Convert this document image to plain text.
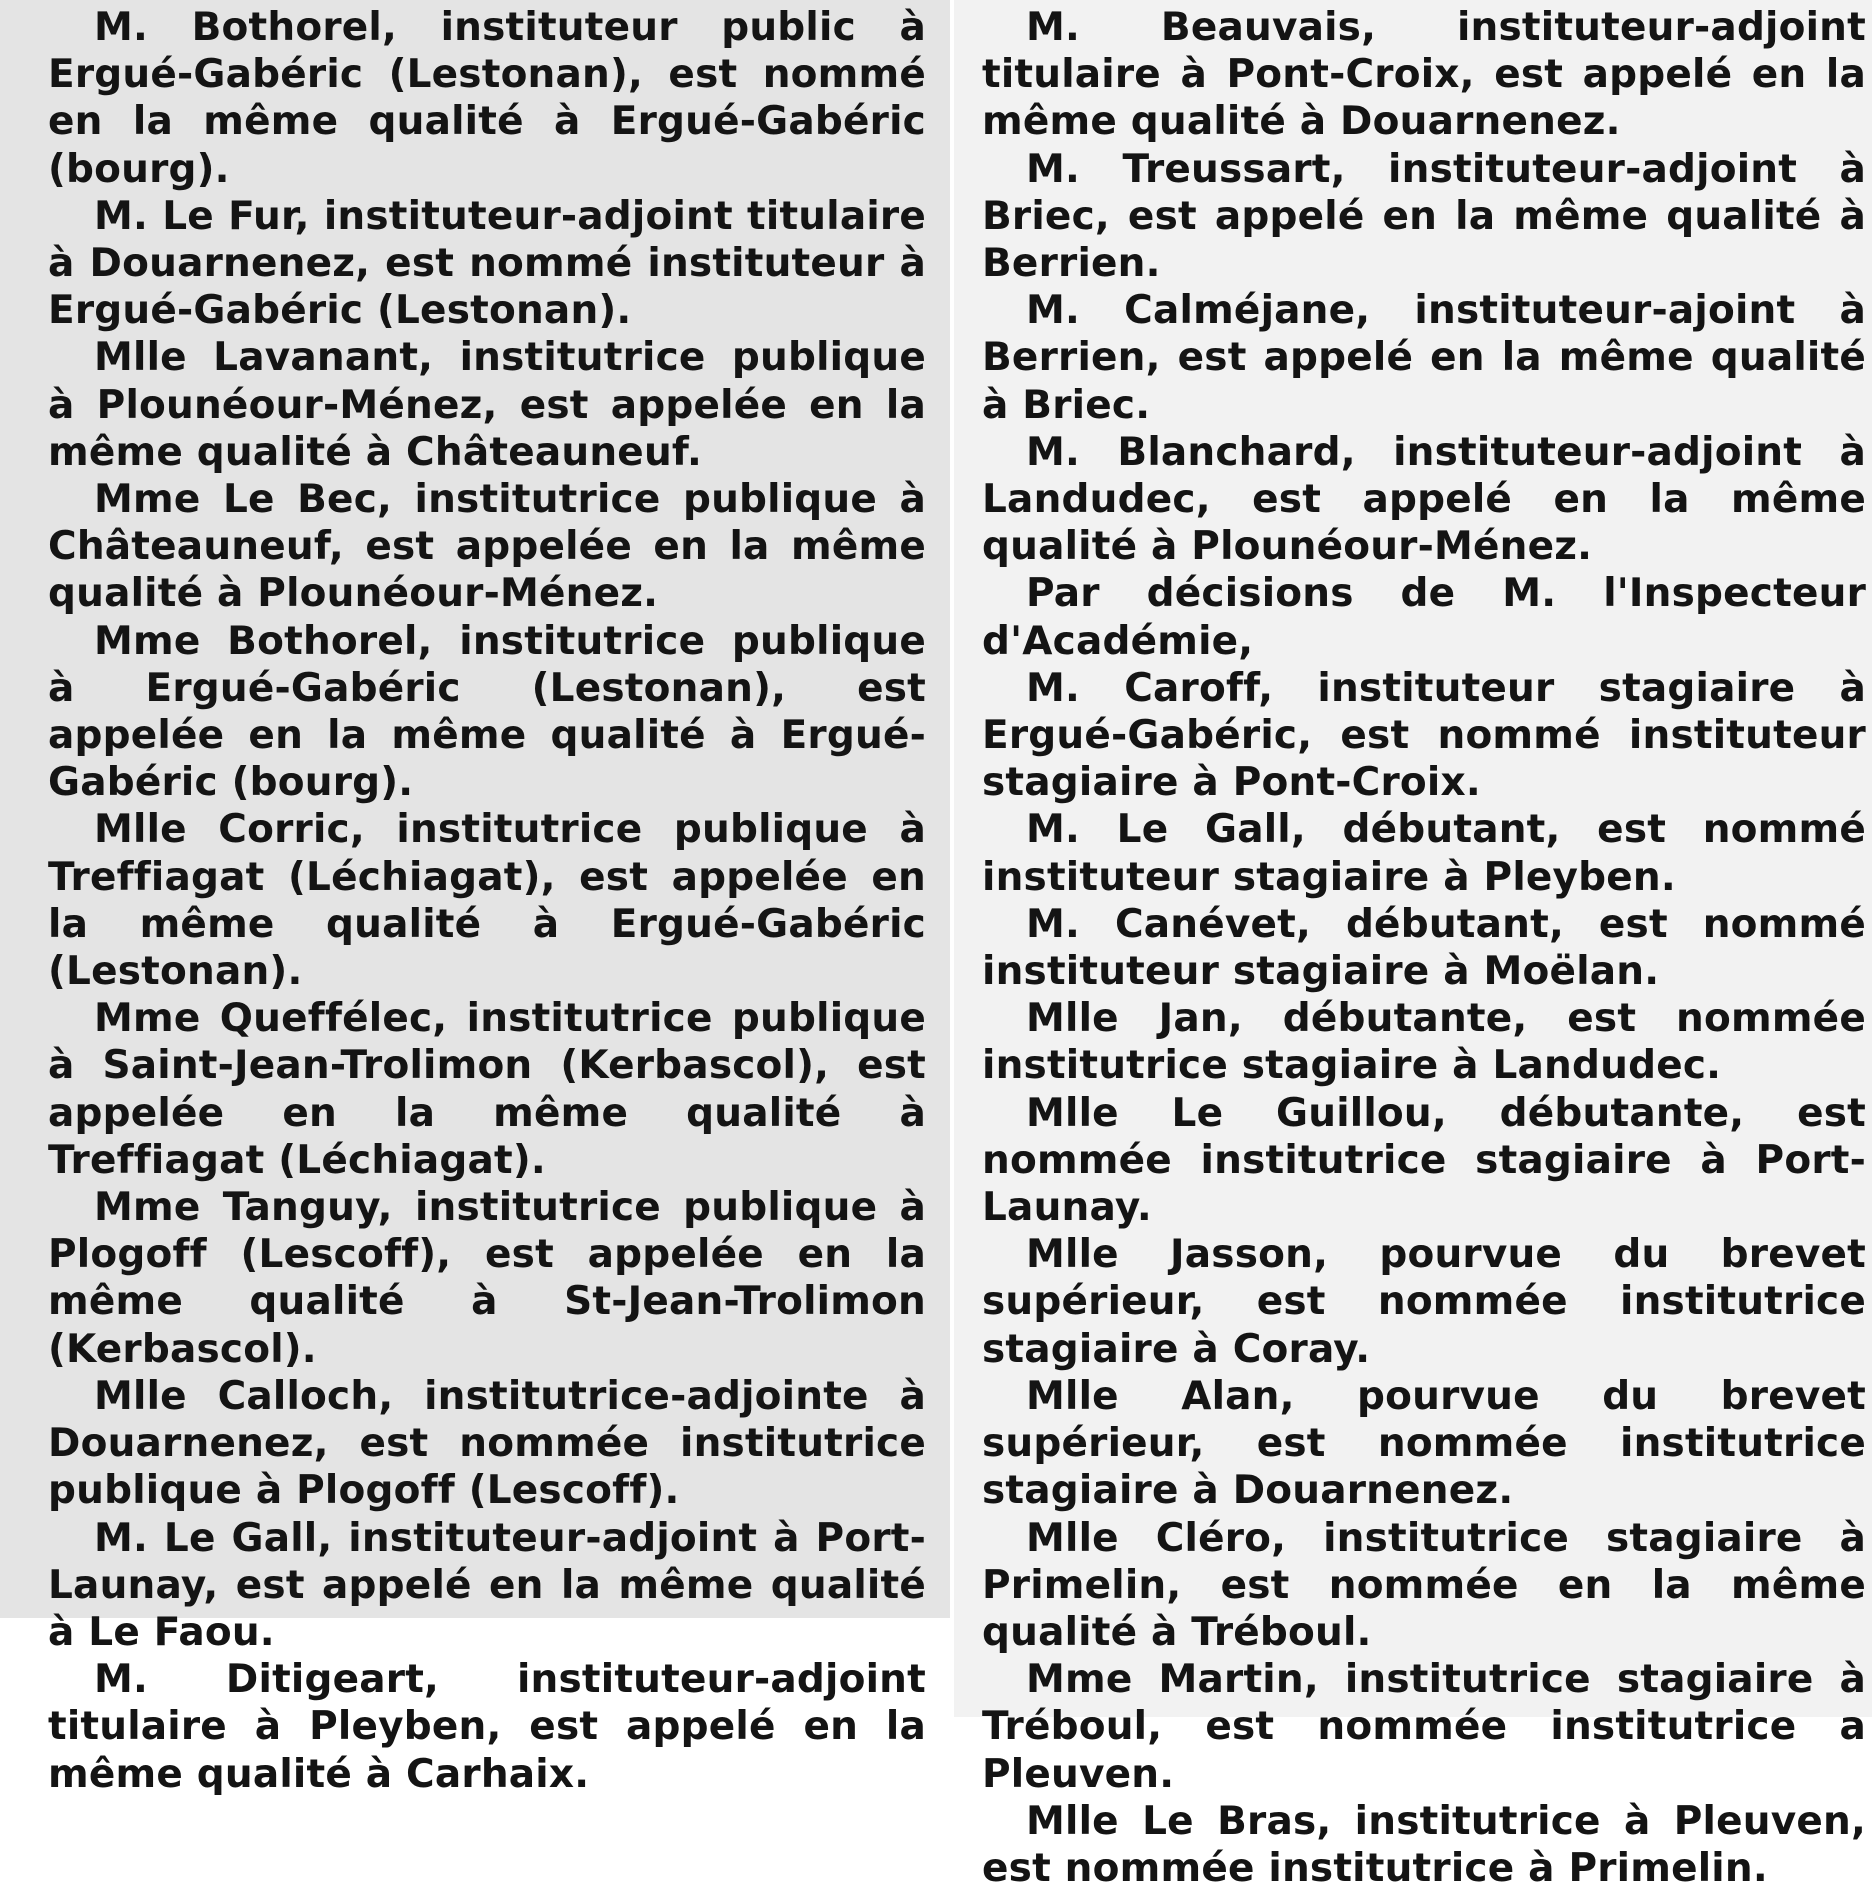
M. Bothorel, instituteur public à Ergué-Gabéric (Lestonan), est nommé en la même qualité à Ergué-Gabéric (bourg).

M. Le Fur, instituteur-adjoint titulaire à Douarnenez, est nommé instituteur à Ergué-Gabéric (Lestonan).

Mlle Lavanant, institutrice publique à Plounéour-Ménez, est appelée en la même qualité à Châteauneuf.

Mme Le Bec, institutrice publique à Châteauneuf, est appelée en la même qualité à Plounéour-Ménez.

Mme Bothorel, institutrice publique à Ergué-Gabéric (Lestonan), est appelée en la même qualité à Ergué-Gabéric (bourg).

Mlle Corric, institutrice publique à Treffiagat (Léchiagat), est appelée en la même qualité à Ergué-Gabéric (Lestonan).

Mme Queffélec, institutrice publique à Saint-Jean-Trolimon (Kerbascol), est appelée en la même qualité à Treffiagat (Léchiagat).

Mme Tanguy, institutrice publique à Plogoff (Lescoff), est appelée en la même qualité à St-Jean-Trolimon (Kerbascol).

Mlle Calloch, institutrice-adjointe à Douarnenez, est nommée institutrice publique à Plogoff (Lescoff).

M. Le Gall, instituteur-adjoint à Port-Launay, est appelé en la même qualité à Le Faou.

M. Ditigeart, instituteur-adjoint titulaire à Pleyben, est appelé en la même qualité à Carhaix.

M. Beauvais, instituteur-adjoint titulaire à Pont-Croix, est appelé en la même qualité à Douarnenez.

M. Treussart, instituteur-adjoint à Briec, est appelé en la même qualité à Berrien.

M. Calméjane, instituteur-ajoint à Berrien, est appelé en la même qualité à Briec.

M. Blanchard, instituteur-adjoint à Landudec, est appelé en la même qualité à Plounéour-Ménez.

Par décisions de M. l'Inspecteur d'Académie,

M. Caroff, instituteur stagiaire à Ergué-Gabéric, est nommé instituteur stagiaire à Pont-Croix.

M. Le Gall, débutant, est nommé instituteur stagiaire à Pleyben.

M. Canévet, débutant, est nommé instituteur stagiaire à Moëlan.

Mlle Jan, débutante, est nommée institutrice stagiaire à Landudec.

Mlle Le Guillou, débutante, est nommée institutrice stagiaire à Port-Launay.

Mlle Jasson, pourvue du brevet supérieur, est nommée institutrice stagiaire à Coray.

Mlle Alan, pourvue du brevet supérieur, est nommée institutrice stagiaire à Douarnenez.

Mlle Cléro, institutrice stagiaire à Primelin, est nommée en la même qualité à Tréboul.

Mme Martin, institutrice stagiaire à Tréboul, est nommée institutrice a Pleuven.

Mlle Le Bras, institutrice à Pleuven, est nommée institutrice à Primelin.
